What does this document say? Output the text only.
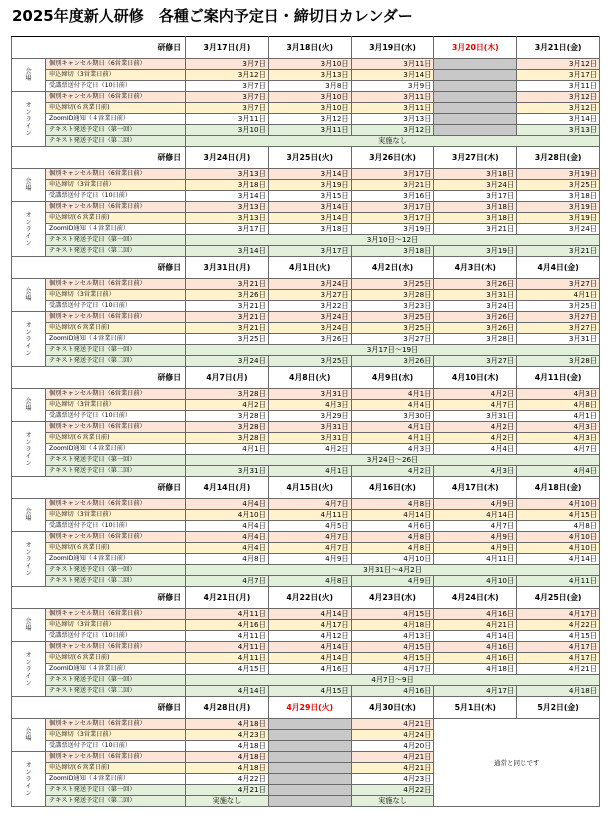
2025年度新人研修　各種ご案内予定日・締切日カレンダー
研修日		3月17日(月)	3月18日(火)	3月19日(水)	3月20日(木)	3月21日(金)
会
場	個別キャンセル期日（6営業日前）	3月7日	3月10日	3月11日		3月12日
	申込締切（3営業日前）	3月12日	3月13日	3月14日		3月17日
	受講票送付予定日（10日前）	3月7日	3月8日	3月9日		3月11日
オ
ン
ラ
イ
ン	個別キャンセル期日（6営業日前）	3月7日	3月10日	3月11日		3月12日
	申込締切(６営業日前)	3月7日	3月10日	3月11日		3月12日
	ZoomID通知（４営業日前）	3月11日	3月12日	3月13日		3月14日
	テキスト発送予定日（第一回）	3月10日	3月11日	3月12日		3月13日
	テキスト発送予定日（第二回）	実施なし				
研修日		3月24日(月)	3月25日(火)	3月26日(水)	3月27日(木)	3月28日(金)
会
場	個別キャンセル期日（6営業日前）	3月13日	3月14日	3月17日	3月18日	3月19日
	申込締切（3営業日前）	3月18日	3月19日	3月21日	3月24日	3月25日
	受講票送付予定日（10日前）	3月14日	3月15日	3月16日	3月17日	3月18日
オ
ン
ラ
イ
ン	個別キャンセル期日（6営業日前）	3月13日	3月14日	3月17日	3月18日	3月19日
	申込締切(６営業日前)	3月13日	3月14日	3月17日	3月18日	3月19日
	ZoomID通知（４営業日前）	3月17日	3月18日	3月19日	3月21日	3月24日
	テキスト発送予定日（第一回）	3月10日～12日				
	テキスト発送予定日（第二回）	3月14日	3月17日	3月18日	3月19日	3月21日
研修日		3月31日(月)	4月1日(火)	4月2日(水)	4月3日(木)	4月4日(金)
会
場	個別キャンセル期日（6営業日前）	3月21日	3月24日	3月25日	3月26日	3月27日
	申込締切（3営業日前）	3月26日	3月27日	3月28日	3月31日	4月1日
	受講票送付予定日（10日前）	3月21日	3月22日	3月23日	3月24日	3月25日
オ
ン
ラ
イ
ン	個別キャンセル期日（6営業日前）	3月21日	3月24日	3月25日	3月26日	3月27日
	申込締切(６営業日前)	3月21日	3月24日	3月25日	3月26日	3月27日
	ZoomID通知（４営業日前）	3月25日	3月26日	3月27日	3月28日	3月31日
	テキスト発送予定日（第一回）	3月17日～19日				
	テキスト発送予定日（第二回）	3月24日	3月25日	3月26日	3月27日	3月28日
研修日		4月7日(月)	4月8日(火)	4月9日(水)	4月10日(木)	4月11日(金)
会
場	個別キャンセル期日（6営業日前）	3月28日	3月31日	4月1日	4月2日	4月3日
	申込締切（3営業日前）	4月2日	4月3日	4月4日	4月7日	4月8日
	受講票送付予定日（10日前）	3月28日	3月29日	3月30日	3月31日	4月1日
オ
ン
ラ
イ
ン	個別キャンセル期日（6営業日前）	3月28日	3月31日	4月1日	4月2日	4月3日
	申込締切(６営業日前)	3月28日	3月31日	4月1日	4月2日	4月3日
	ZoomID通知（４営業日前）	4月1日	4月2日	4月3日	4月4日	4月7日
	テキスト発送予定日（第一回）	3月24日～26日				
	テキスト発送予定日（第二回）	3月31日	4月1日	4月2日	4月3日	4月4日
研修日		4月14日(月)	4月15日(火)	4月16日(水)	4月17日(木)	4月18日(金)
会
場	個別キャンセル期日（6営業日前）	4月4日	4月7日	4月8日	4月9日	4月10日
	申込締切（3営業日前）	4月10日	4月11日	4月14日	4月14日	4月15日
	受講票送付予定日（10日前）	4月4日	4月5日	4月6日	4月7日	4月8日
オ
ン
ラ
イ
ン	個別キャンセル期日（6営業日前）	4月4日	4月7日	4月8日	4月9日	4月10日
	申込締切(６営業日前)	4月4日	4月7日	4月8日	4月9日	4月10日
	ZoomID通知（４営業日前）	4月8日	4月9日	4月10日	4月11日	4月14日
	テキスト発送予定日（第一回）	3月31日～4月2日				
	テキスト発送予定日（第二回）	4月7日	4月8日	4月9日	4月10日	4月11日
研修日		4月21日(月)	4月22日(火)	4月23日(水)	4月24日(木)	4月25日(金)
会
場	個別キャンセル期日（6営業日前）	4月11日	4月14日	4月15日	4月16日	4月17日
	申込締切（3営業日前）	4月16日	4月17日	4月18日	4月21日	4月22日
	受講票送付予定日（10日前）	4月11日	4月12日	4月13日	4月14日	4月15日
オ
ン
ラ
イ
ン	個別キャンセル期日（6営業日前）	4月11日	4月14日	4月15日	4月16日	4月17日
	申込締切(６営業日前)	4月11日	4月14日	4月15日	4月16日	4月17日
	ZoomID通知（４営業日前）	4月15日	4月16日	4月17日	4月18日	4月21日
	テキスト発送予定日（第一回）	4月7日～9日				
	テキスト発送予定日（第二回）	4月14日	4月15日	4月16日	4月17日	4月18日
研修日		4月28日(月)	4月29日(火)	4月30日(水)	5月1日(木)	5月2日(金)
会
場	個別キャンセル期日（6営業日前）	4月18日		4月21日	通常と同じです	
	申込締切（3営業日前）	4月23日		4月24日		
	受講票送付予定日（10日前）	4月18日		4月20日		
オ
ン
ラ
イ
ン	個別キャンセル期日（6営業日前）	4月18日		4月21日		
	申込締切(６営業日前)	4月18日		4月21日		
	ZoomID通知（４営業日前）	4月22日		4月23日		
	テキスト発送予定日（第一回）	4月21日		4月22日		
	テキスト発送予定日（第二回）	実施なし		実施なし		
